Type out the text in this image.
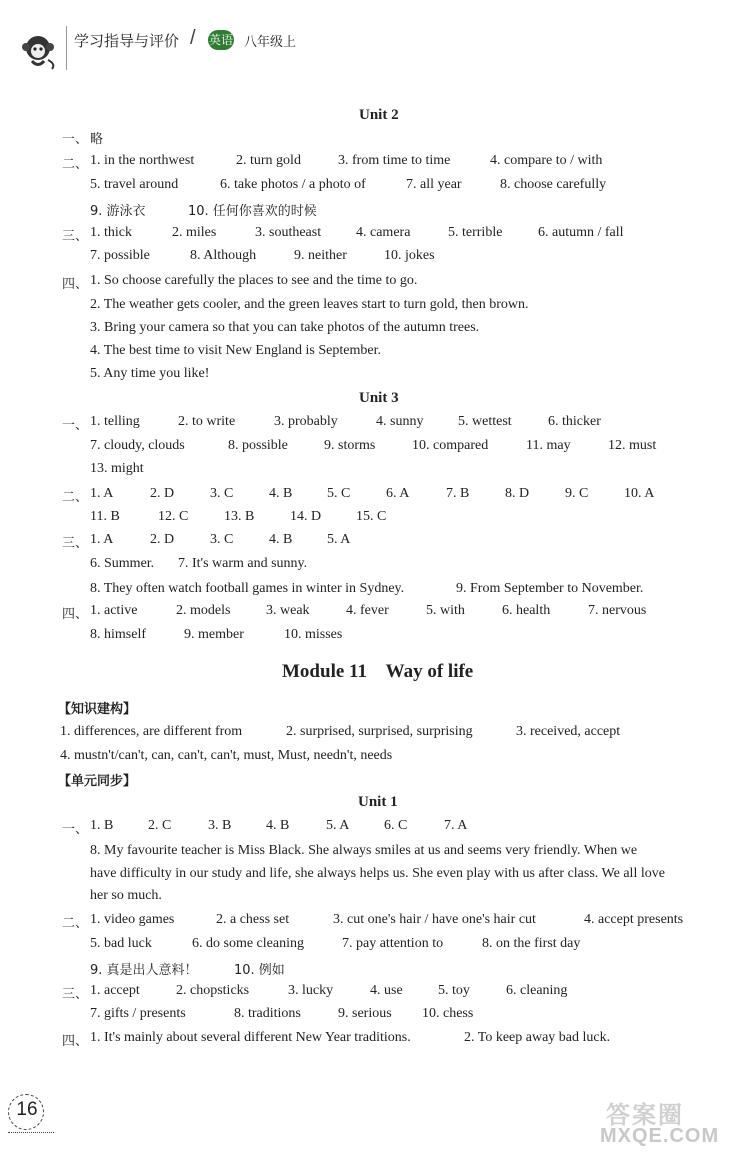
学习指导与评价 / 英语 八年级上
Unit 2
一、 略
二、 1. in the northwest	2. turn gold	3. from time to time	4. compare to / with
5. travel around	6. take photos / a photo of	7. all year	8. choose carefully
9. 游泳衣	10. 任何你喜欢的时候
三、 1. thick	2. miles	3. southeast 4. camera	5. terrible	6. autumn / fall
7. possible	8. Although	9. neither	10. jokes
四、 1. So choose carefully the places to see and the time to go.
2. The weather gets cooler, and the green leaves start to turn gold, then brown.
3. Bring your camera so that you can take photos of the autumn trees.
4. The best time to visit New England is September.
5. Any time you like!
Unit 3
一、 1. telling	2. to write	3. probably	4. sunny 5. wettest	6. thicker
7. cloudy, clouds	8. possible	9. storms	10. compared	11. may	12. must
13. might
二、 1. A	2. D	3. C	4. B 5. C	6. A	7. B	8. D	9. C	10. A
11. B	12. C	13. B	14. D 15. C
三、 1. A	2. D	3. C	4. B 5. A
6. Summer. 7. It's warm and sunny.
8. They often watch football games in winter in Sydney.	9. From September to November.
四、 1. active	2. models	3. weak	4. fever	5. with	6. health	7. nervous
8. himself	9. member	10. misses
Module 11    Way of life
【知识建构】
1. differences, are different from	2. surprised, surprised, surprising	3. received, accept
4. mustn't/can't, can, can't, can't, must, Must, needn't, needs
【单元同步】
Unit 1
一、 1. B 2. C	3. B 4. B	5. A 6. C	7. A
8. My favourite teacher is Miss Black. She always smiles at us and seems very friendly. When we
have difficulty in our study and life, she always helps us. She even play with us after class. We all love
her so much.
二、 1. video games	2. a chess set	3. cut one's hair / have one's hair cut	4. accept presents
5. bad luck	6. do some cleaning	7. pay attention to	8. on the first day
9. 真是出人意料！	10. 例如
三、 1. accept	2. chopsticks	3. lucky	4. use	5. toy	6. cleaning
7. gifts / presents	8. traditions	9. serious 10. chess
四、 1. It's mainly about several different New Year traditions.	2. To keep away bad luck.
16	答案圈
MXQE.COM
